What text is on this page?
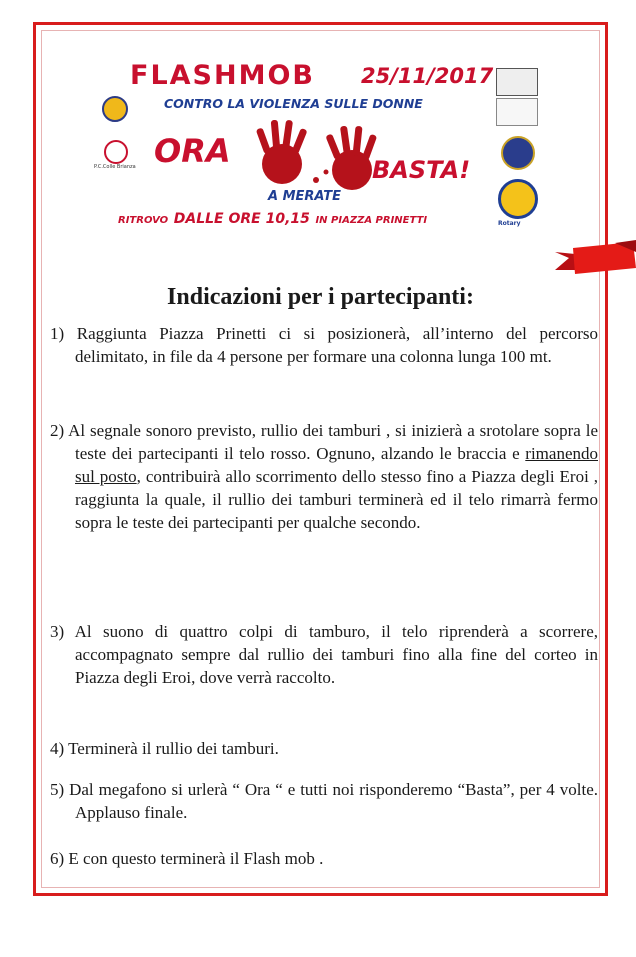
FLASHMOB 25/11/2017
CONTRO LA VIOLENZA SULLE DONNE
ORA	BASTA!
A MERATE
RITROVO DALLE ORE 10,15 IN PIAZZA PRINETTI
P.C.Colle Brianza
Rotary
Indicazioni per i partecipanti:
1) Raggiunta Piazza Prinetti ci si posizionerà, all’interno del percorso delimitato, in file da 4 persone per formare una colonna lunga 100 mt.
2) Al segnale sonoro previsto, rullio dei tamburi , si inizierà a srotolare sopra le teste dei partecipanti il telo rosso. Ognuno, alzando le braccia e rimanendo sul posto, contribuirà allo scorrimento dello stesso fino a Piazza degli Eroi , raggiunta la quale, il rullio dei tamburi terminerà ed il telo rimarrà fermo sopra le teste dei partecipanti per qualche secondo.
3) Al suono di quattro colpi di tamburo, il telo riprenderà a scorrere, accompagnato sempre dal rullio dei tamburi fino alla fine del corteo in Piazza degli Eroi, dove verrà raccolto.
4) Terminerà il rullio dei tamburi.
5) Dal megafono si urlerà “ Ora “ e tutti noi risponderemo “Basta”, per 4 volte. Applauso finale.
6) E con questo terminerà il Flash mob .
